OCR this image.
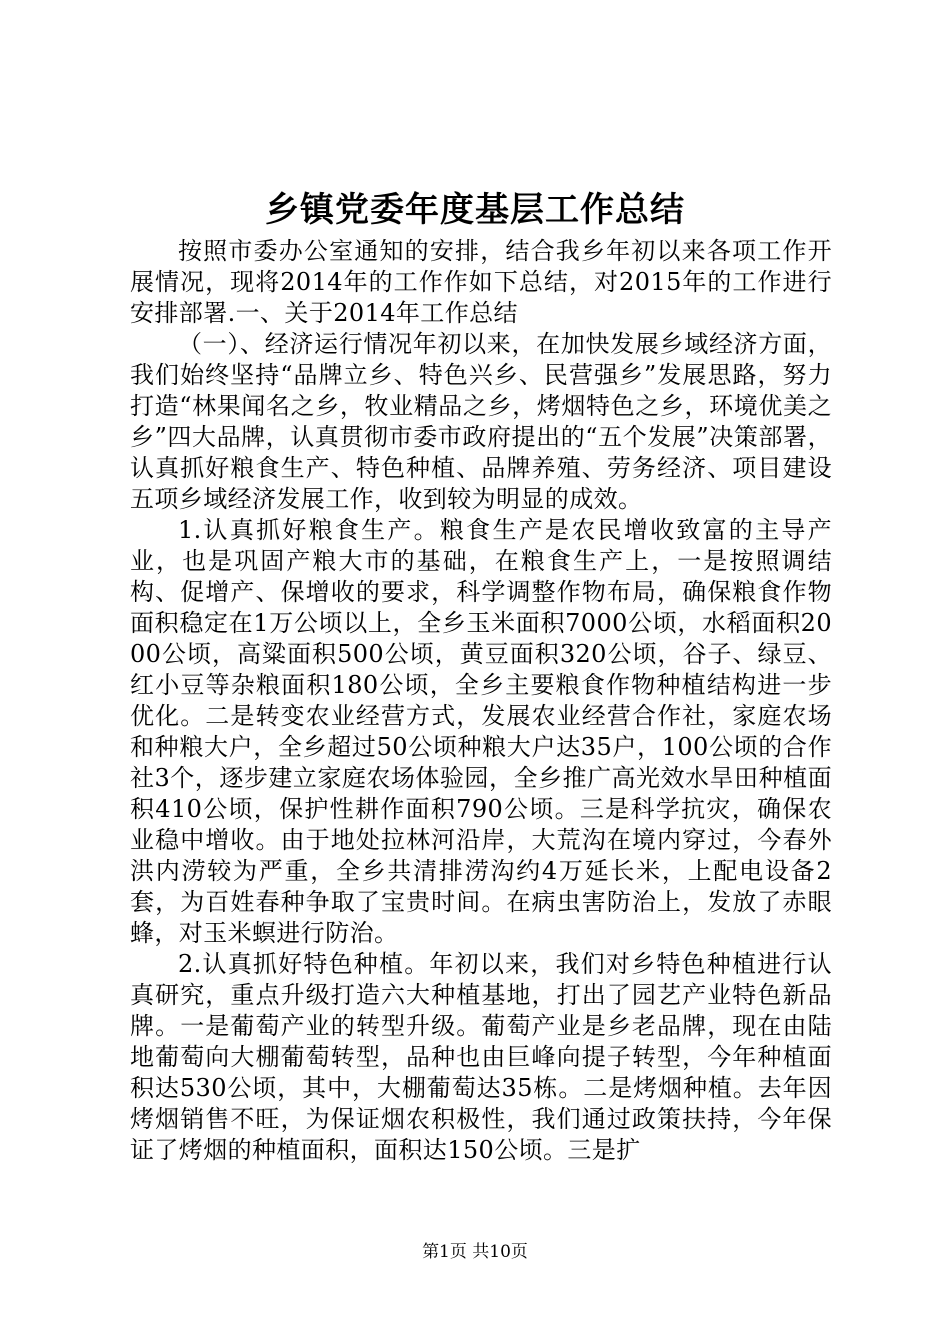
乡镇党委年度基层工作总结

按照市委办公室通知的安排，结合我乡年初以来各项工作开展情况，现将2014年的工作作如下总结，对2015年的工作进行安排部署.一、关于2014年工作总结

（一）、经济运行情况年初以来，在加快发展乡域经济方面，我们始终坚持“品牌立乡、特色兴乡、民营强乡”发展思路，努力打造“林果闻名之乡，牧业精品之乡，烤烟特色之乡，环境优美之乡”四大品牌，认真贯彻市委市政府提出的“五个发展”决策部署，认真抓好粮食生产、特色种植、品牌养殖、劳务经济、项目建设五项乡域经济发展工作，收到较为明显的成效。

1.认真抓好粮食生产。粮食生产是农民增收致富的主导产业，也是巩固产粮大市的基础，在粮食生产上，一是按照调结构、促增产、保增收的要求，科学调整作物布局，确保粮食作物面积稳定在1万公顷以上，全乡玉米面积7000公顷，水稻面积2000公顷，高粱面积500公顷，黄豆面积320公顷，谷子、绿豆、红小豆等杂粮面积180公顷，全乡主要粮食作物种植结构进一步优化。二是转变农业经营方式，发展农业经营合作社，家庭农场和种粮大户，全乡超过50公顷种粮大户达35户，100公顷的合作社3个，逐步建立家庭农场体验园，全乡推广高光效水旱田种植面积410公顷，保护性耕作面积790公顷。三是科学抗灾，确保农业稳中增收。由于地处拉林河沿岸，大荒沟在境内穿过，今春外洪内涝较为严重，全乡共清排涝沟约4万延长米，上配电设备2套，为百姓春种争取了宝贵时间。在病虫害防治上，发放了赤眼蜂，对玉米螟进行防治。

2.认真抓好特色种植。年初以来，我们对乡特色种植进行认真研究，重点升级打造六大种植基地，打出了园艺产业特色新品牌。一是葡萄产业的转型升级。葡萄产业是乡老品牌，现在由陆地葡萄向大棚葡萄转型，品种也由巨峰向提子转型，今年种植面积达530公顷，其中，大棚葡萄达35栋。二是烤烟种植。去年因烤烟销售不旺，为保证烟农积极性，我们通过政策扶持，今年保证了烤烟的种植面积，面积达150公顷。三是扩

第1页 共10页
